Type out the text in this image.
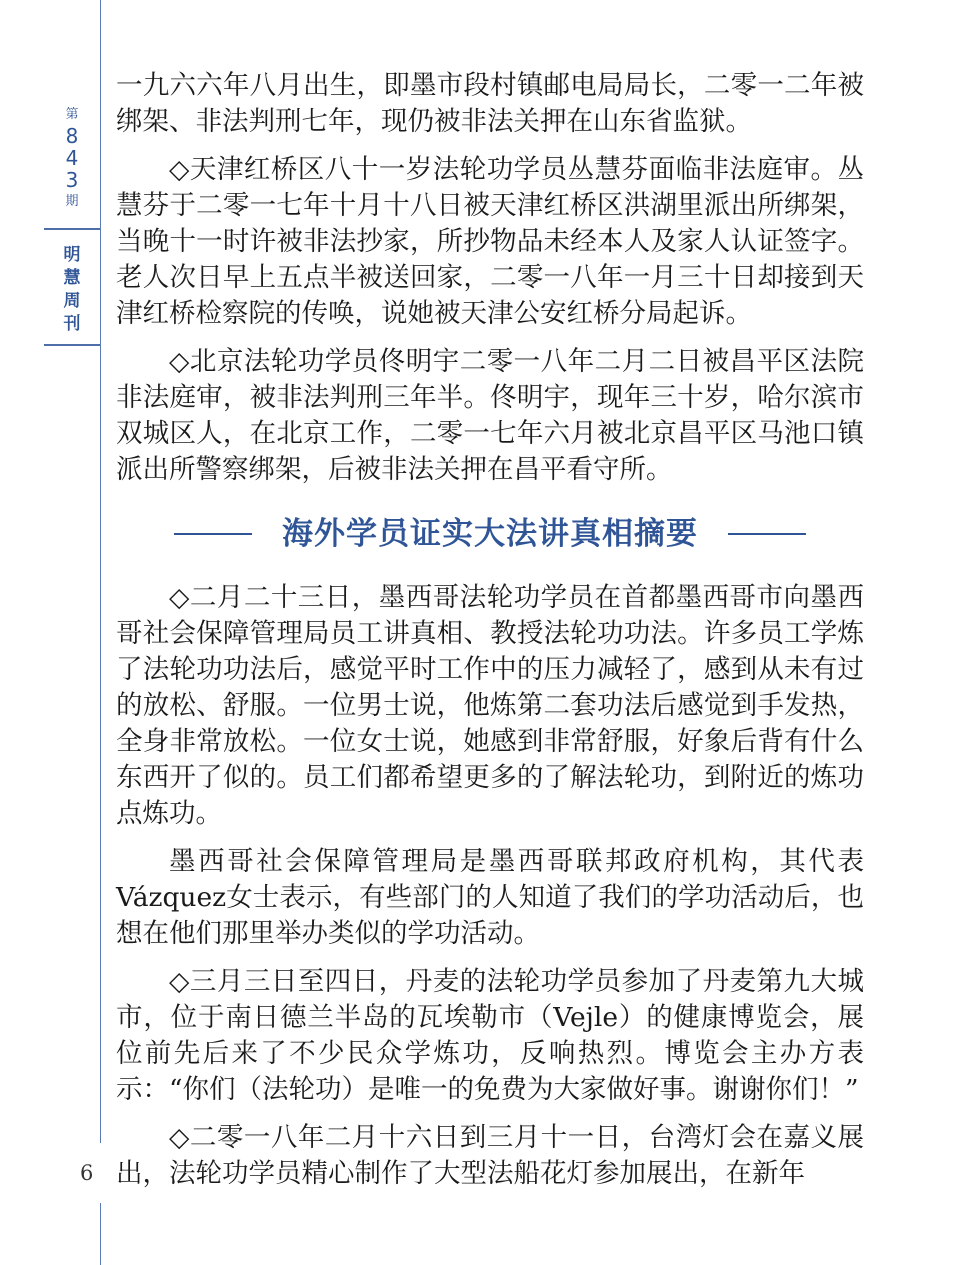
第
8
4
3
期
明
慧
周
刊
6

一九六六年八月出生，即墨市段村镇邮电局局长，二零一二年被绑架、非法判刑七年，现仍被非法关押在山东省监狱。

◇天津红桥区八十一岁法轮功学员丛慧芬面临非法庭审。丛慧芬于二零一七年十月十八日被天津红桥区洪湖里派出所绑架，当晚十一时许被非法抄家，所抄物品未经本人及家人认证签字。老人次日早上五点半被送回家，二零一八年一月三十日却接到天津红桥检察院的传唤，说她被天津公安红桥分局起诉。

◇北京法轮功学员佟明宇二零一八年二月二日被昌平区法院非法庭审，被非法判刑三年半。佟明宇，现年三十岁，哈尔滨市双城区人，在北京工作，二零一七年六月被北京昌平区马池口镇派出所警察绑架，后被非法关押在昌平看守所。

海外学员证实大法讲真相摘要

◇二月二十三日，墨西哥法轮功学员在首都墨西哥市向墨西哥社会保障管理局员工讲真相、教授法轮功功法。许多员工学炼了法轮功功法后，感觉平时工作中的压力减轻了，感到从未有过的放松、舒服。一位男士说，他炼第二套功法后感觉到手发热，全身非常放松。一位女士说，她感到非常舒服，好象后背有什么东西开了似的。员工们都希望更多的了解法轮功，到附近的炼功点炼功。

墨西哥社会保障管理局是墨西哥联邦政府机构，其代表Vázquez女士表示，有些部门的人知道了我们的学功活动后，也想在他们那里举办类似的学功活动。

◇三月三日至四日，丹麦的法轮功学员参加了丹麦第九大城市，位于南日德兰半岛的瓦埃勒市（Vejle）的健康博览会，展位前先后来了不少民众学炼功，反响热烈。博览会主办方表示：“你们（法轮功）是唯一的免费为大家做好事。谢谢你们！”

◇二零一八年二月十六日到三月十一日，台湾灯会在嘉义展出，法轮功学员精心制作了大型法船花灯参加展出，在新年
